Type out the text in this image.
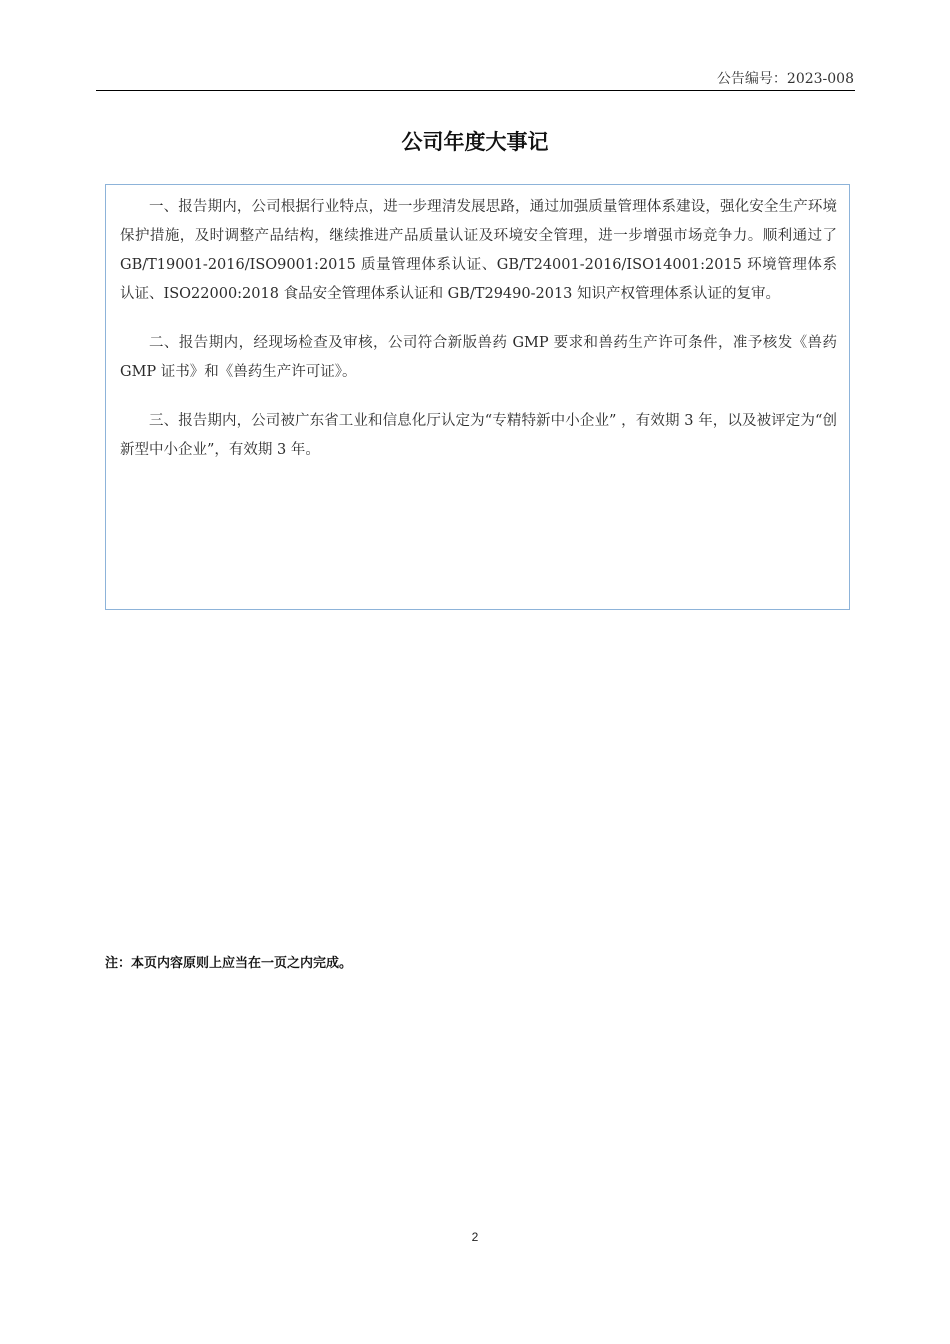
公告编号：2023-008
公司年度大事记

一、报告期内，公司根据行业特点，进一步理清发展思路，通过加强质量管理体系建设，强化安全生产环境保护措施，及时调整产品结构，继续推进产品质量认证及环境安全管理，进一步增强市场竞争力。顺利通过了 GB/T19001-2016/ISO9001:2015 质量管理体系认证、GB/T24001-2016/ISO14001:2015 环境管理体系认证、ISO22000:2018 食品安全管理体系认证和 GB/T29490-2013 知识产权管理体系认证的复审。

二、报告期内，经现场检查及审核，公司符合新版兽药 GMP 要求和兽药生产许可条件，准予核发《兽药 GMP 证书》和《兽药生产许可证》。

三、报告期内，公司被广东省工业和信息化厅认定为“专精特新中小企业” ，有效期 3 年，以及被评定为“创新型中小企业”，有效期 3 年。

注：本页内容原则上应当在一页之内完成。
2
